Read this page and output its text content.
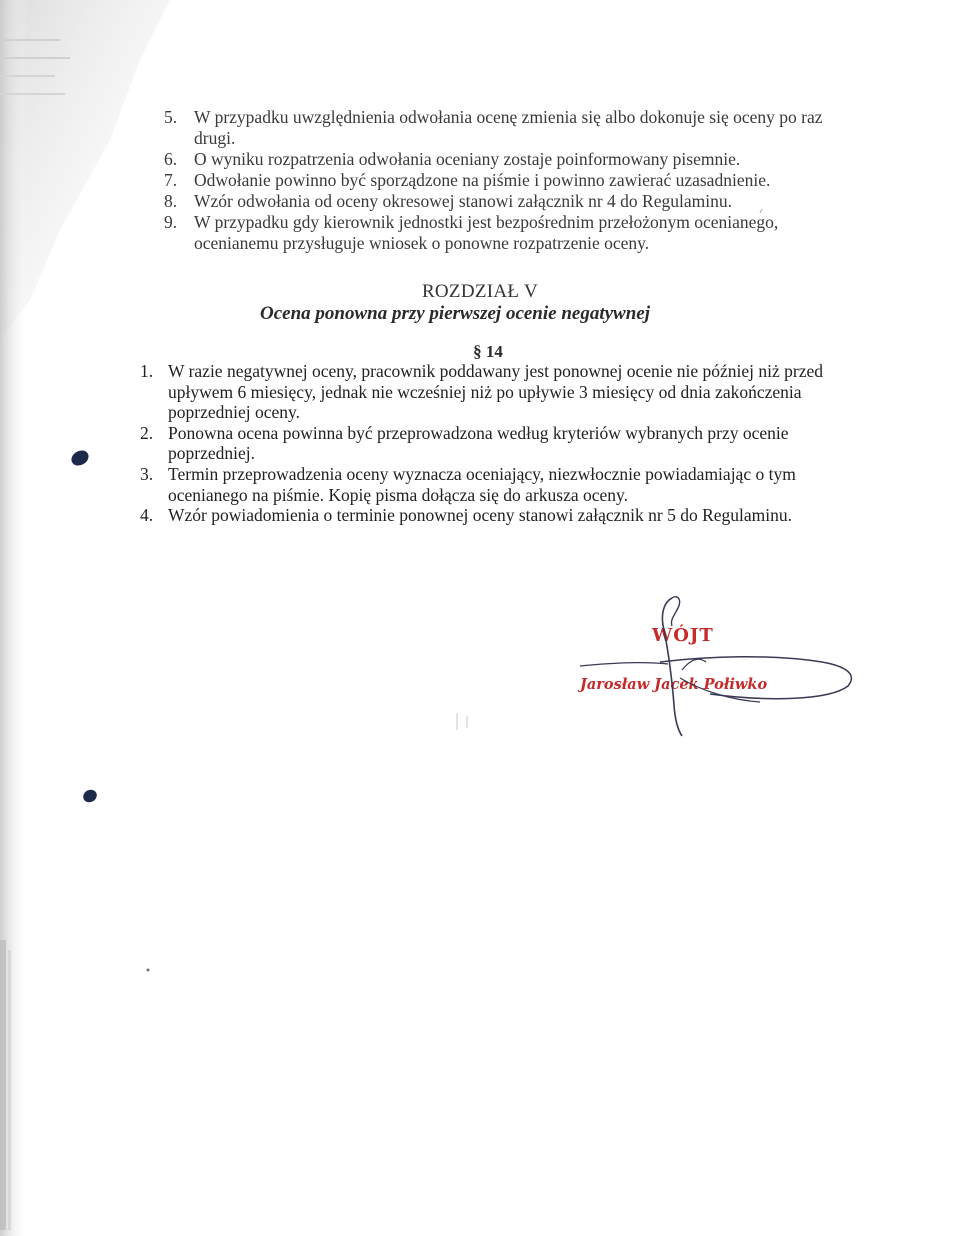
5. W przypadku uwzględnienia odwołania ocenę zmienia się albo dokonuje się oceny po raz drugi.
6. O wyniku rozpatrzenia odwołania oceniany zostaje poinformowany pisemnie.
7. Odwołanie powinno być sporządzone na piśmie i powinno zawierać uzasadnienie.
8. Wzór odwołania od oceny okresowej stanowi załącznik nr 4 do Regulaminu.
9. W przypadku gdy kierownik jednostki jest bezpośrednim przełożonym ocenianego, ocenianemu przysługuje wniosek o ponowne rozpatrzenie oceny.
ROZDZIAŁ V
Ocena ponowna przy pierwszej ocenie negatywnej
§ 14
1. W razie negatywnej oceny, pracownik poddawany jest ponownej ocenie nie później niż przed upływem 6 miesięcy, jednak nie wcześniej niż po upływie 3 miesięcy od dnia zakończenia poprzedniej oceny.
2. Ponowna ocena powinna być przeprowadzona według kryteriów wybranych przy ocenie poprzedniej.
3. Termin przeprowadzenia oceny wyznacza oceniający, niezwłocznie powiadamiając o tym ocenianego na piśmie. Kopię pisma dołącza się do arkusza oceny.
4. Wzór powiadomienia o terminie ponownej oceny stanowi załącznik nr 5 do Regulaminu.
WÓJT
Jarosław Jacek Połiwko
